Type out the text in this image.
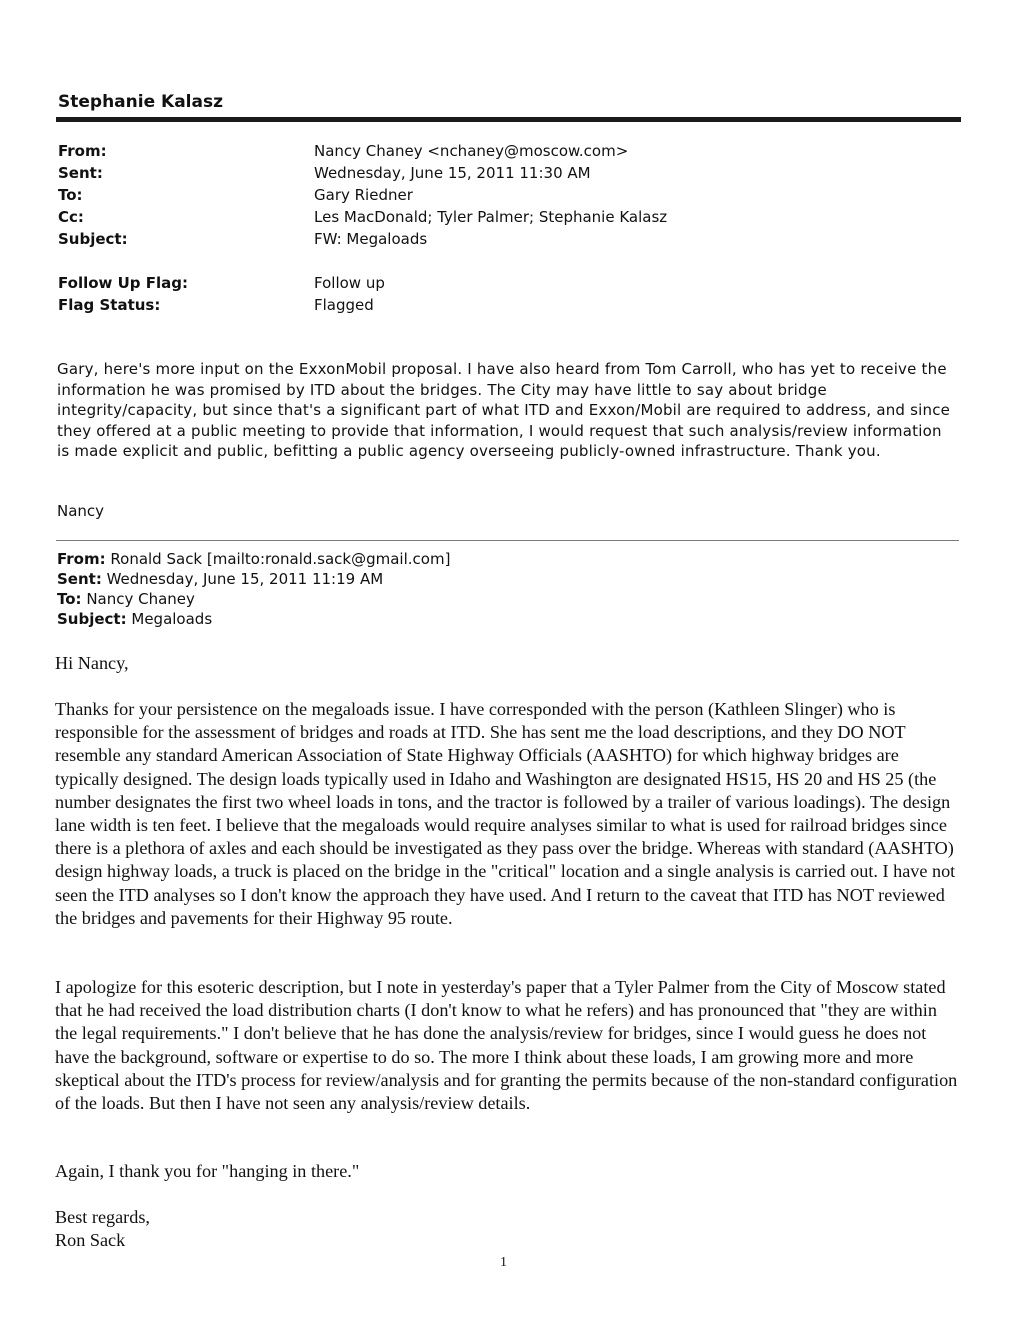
Stephanie Kalasz
From:	Nancy Chaney <nchaney@moscow.com>
Sent:	Wednesday, June 15, 2011 11:30 AM
To:	Gary Riedner
Cc:	Les MacDonald; Tyler Palmer; Stephanie Kalasz
Subject:	FW: Megaloads
Follow Up Flag:	Follow up
Flag Status:	Flagged

Gary, here's more input on the ExxonMobil proposal. I have also heard from Tom Carroll, who has yet to receive the information he was promised by ITD about the bridges. The City may have little to say about bridge integrity/capacity, but since that's a significant part of what ITD and Exxon/Mobil are required to address, and since they offered at a public meeting to provide that information, I would request that such analysis/review information is made explicit and public, befitting a public agency overseeing publicly-owned infrastructure. Thank you.

Nancy
From: Ronald Sack [mailto:ronald.sack@gmail.com]
Sent: Wednesday, June 15, 2011 11:19 AM
To: Nancy Chaney
Subject: Megaloads
Hi Nancy,

Thanks for your persistence on the megaloads issue. I have corresponded with the person (Kathleen Slinger) who is responsible for the assessment of bridges and roads at ITD. She has sent me the load descriptions, and they DO NOT resemble any standard American Association of State Highway Officials (AASHTO) for which highway bridges are typically designed. The design loads typically used in Idaho and Washington are designated HS15, HS 20 and HS 25 (the number designates the first two wheel loads in tons, and the tractor is followed by a trailer of various loadings). The design lane width is ten feet. I believe that the megaloads would require analyses similar to what is used for railroad bridges since there is a plethora of axles and each should be investigated as they pass over the bridge. Whereas with standard (AASHTO) design highway loads, a truck is placed on the bridge in the "critical" location and a single analysis is carried out. I have not seen the ITD analyses so I don't know the approach they have used. And I return to the caveat that ITD has NOT reviewed the bridges and pavements for their Highway 95 route.

I apologize for this esoteric description, but I note in yesterday's paper that a Tyler Palmer from the City of Moscow stated that he had received the load distribution charts (I don't know to what he refers) and has pronounced that "they are within the legal requirements." I don't believe that he has done the analysis/review for bridges, since I would guess he does not have the background, software or expertise to do so. The more I think about these loads, I am growing more and more skeptical about the ITD's process for review/analysis and for granting the permits because of the non-standard configuration of the loads. But then I have not seen any analysis/review details.

Again, I thank you for "hanging in there."
Best regards,
Ron Sack
1
